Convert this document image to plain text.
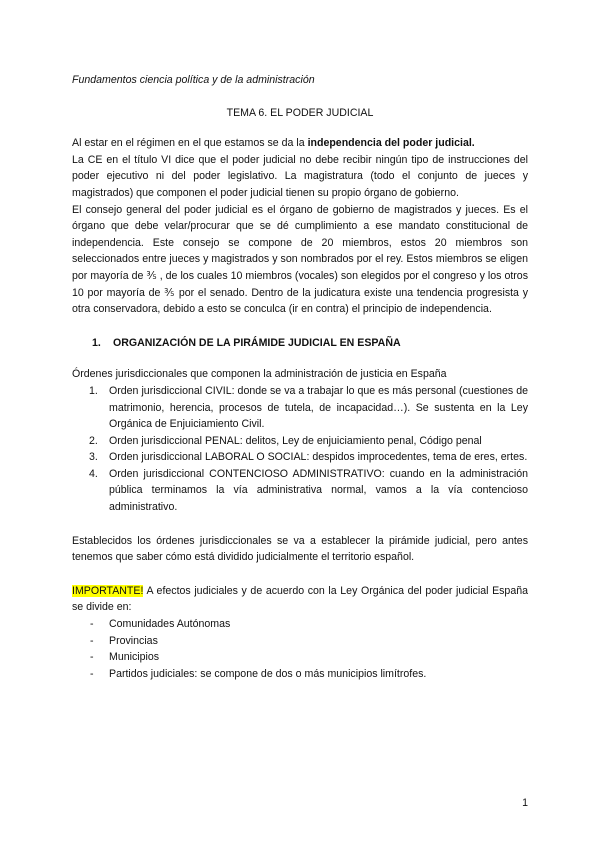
Fundamentos ciencia política y de la administración

TEMA 6. EL PODER JUDICIAL

Al estar en el régimen en el que estamos se da la independencia del poder judicial.

La CE en el título VI dice que el poder judicial no debe recibir ningún tipo de instrucciones del poder ejecutivo ni del poder legislativo. La magistratura (todo el conjunto de jueces y magistrados) que componen el poder judicial tienen su propio órgano de gobierno.

El consejo general del poder judicial es el órgano de gobierno de magistrados y jueces. Es el órgano que debe velar/procurar que se dé cumplimiento a ese mandato constitucional de independencia. Este consejo se compone de 20 miembros, estos 20 miembros son seleccionados entre jueces y magistrados y son nombrados por el rey. Estos miembros se eligen por mayoría de ⅗ , de los cuales 10 miembros (vocales) son elegidos por el congreso y los otros 10 por mayoría de ⅗ por el senado. Dentro de la judicatura existe una tendencia progresista y otra conservadora, debido a esto se conculca (ir en contra) el principio de independencia.

1.	ORGANIZACIÓN DE LA PIRÁMIDE JUDICIAL EN ESPAÑA

Órdenes jurisdiccionales que componen la administración de justicia en España

1.	Orden jurisdiccional CIVIL: donde se va a trabajar lo que es más personal (cuestiones de matrimonio, herencia, procesos de tutela, de incapacidad…). Se sustenta en la Ley Orgánica de Enjuiciamiento Civil.
2.	Orden jurisdiccional PENAL: delitos, Ley de enjuiciamiento penal, Código penal
3.	Orden jurisdiccional LABORAL O SOCIAL: despidos improcedentes, tema de eres, ertes.
4.	Orden jurisdiccional CONTENCIOSO ADMINISTRATIVO: cuando en la administración pública terminamos la vía administrativa normal, vamos a la vía contencioso administrativo.

Establecidos los órdenes jurisdiccionales se va a establecer la pirámide judicial, pero antes tenemos que saber cómo está dividido judicialmente el territorio español.

IMPORTANTE! A efectos judiciales y de acuerdo con la Ley Orgánica del poder judicial España se divide en:

-	Comunidades Autónomas
-	Provincias
-	Municipios
-	Partidos judiciales: se compone de dos o más municipios limítrofes.
1
